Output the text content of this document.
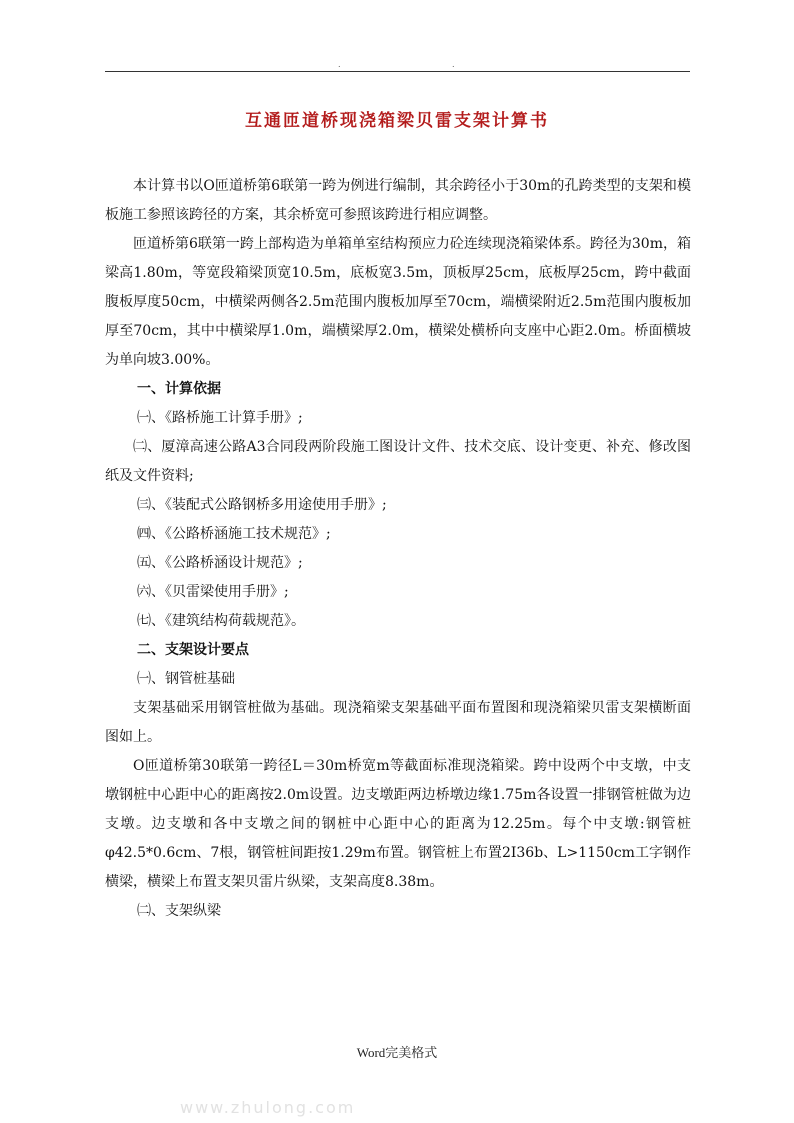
.	.
互通匝道桥现浇箱梁贝雷支架计算书

本计算书以O匝道桥第6联第一跨为例进行编制，其余跨径小于30m的孔跨类型的支架和模板施工参照该跨径的方案，其余桥宽可参照该跨进行相应调整。

匝道桥第6联第一跨上部构造为单箱单室结构预应力砼连续现浇箱梁体系。跨径为30m，箱梁高1.80m，等宽段箱梁顶宽10.5m，底板宽3.5m，顶板厚25cm，底板厚25cm，跨中截面腹板厚度50cm，中横梁两侧各2.5m范围内腹板加厚至70cm，端横梁附近2.5m范围内腹板加厚至70cm，其中中横梁厚1.0m，端横梁厚2.0m，横梁处横桥向支座中心距2.0m。桥面横坡为单向坡3.00%。

一、计算依据

㈠、《路桥施工计算手册》;

㈡、厦漳高速公路A3合同段两阶段施工图设计文件、技术交底、设计变更、补充、修改图纸及文件资料;

㈢、《装配式公路钢桥多用途使用手册》;

㈣、《公路桥涵施工技术规范》;

㈤、《公路桥涵设计规范》;

㈥、《贝雷梁使用手册》;

㈦、《建筑结构荷载规范》。

二、支架设计要点

㈠、钢管桩基础

支架基础采用钢管桩做为基础。现浇箱梁支架基础平面布置图和现浇箱梁贝雷支架横断面图如上。

O匝道桥第30联第一跨径L＝30m桥宽m等截面标准现浇箱梁。跨中设两个中支墩，中支墩钢桩中心距中心的距离按2.0m设置。边支墩距两边桥墩边缘1.75m各设置一排钢管桩做为边支墩。边支墩和各中支墩之间的钢桩中心距中心的距离为12.25m。每个中支墩:钢管桩φ42.5*0.6cm、7根，钢管桩间距按1.29m布置。钢管桩上布置2I36b、L>1150cm工字钢作横梁，横梁上布置支架贝雷片纵梁，支架高度8.38m。

㈡、支架纵梁

Word完美格式
www.zhulong.com
